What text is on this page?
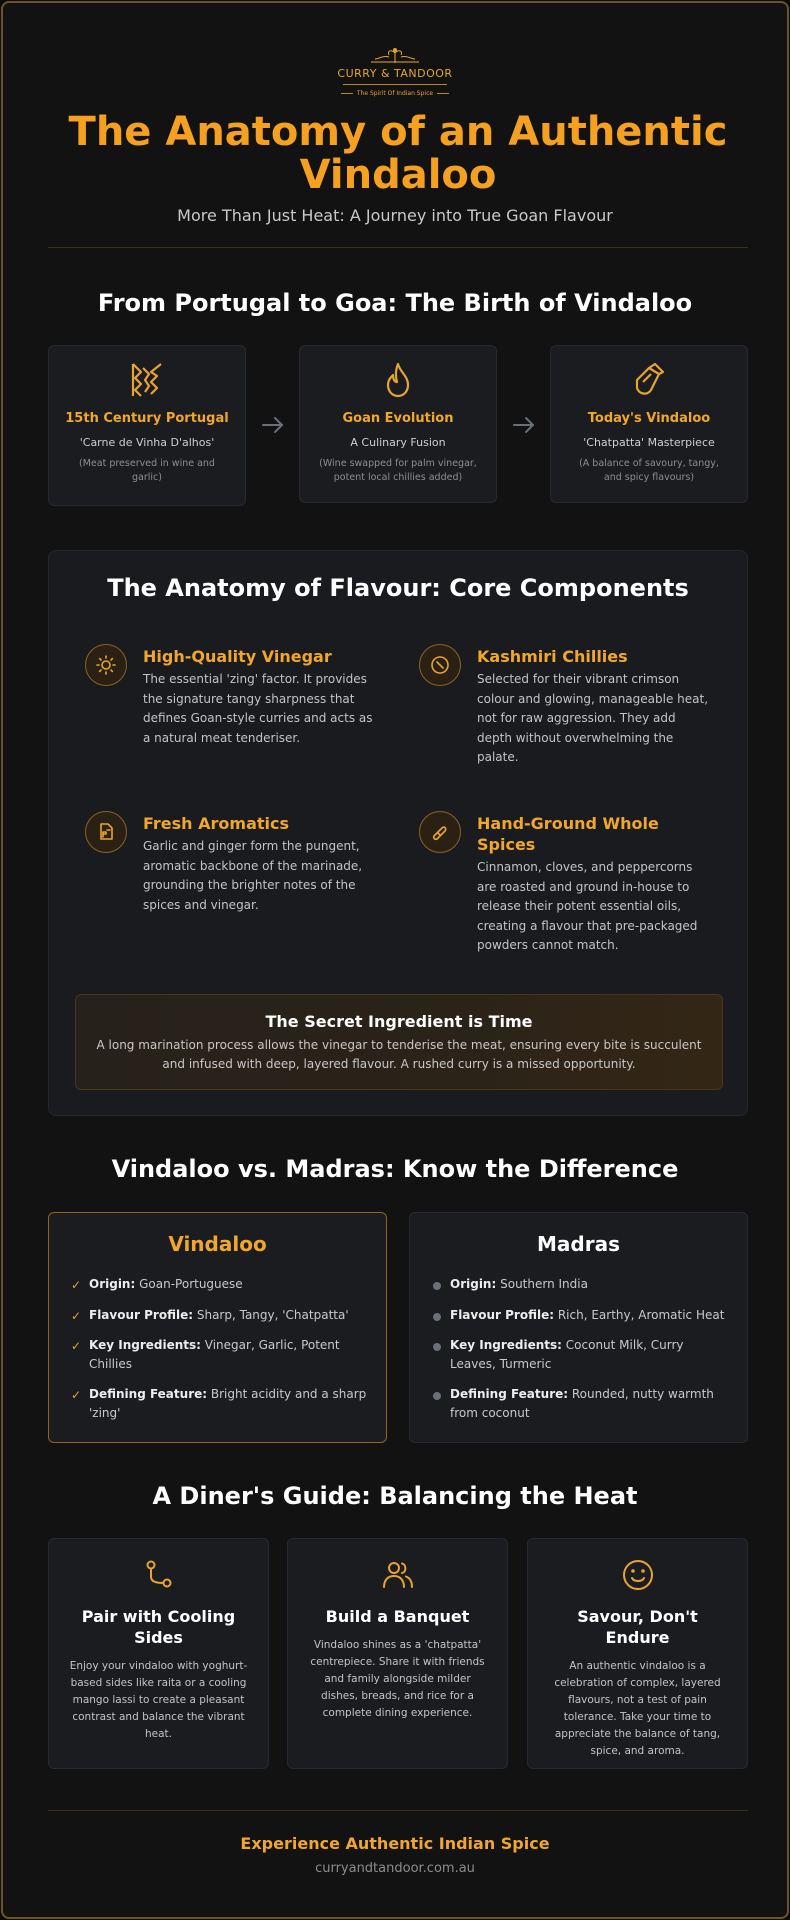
CURRY & TANDOOR
The Spirit Of Indian Spice
The Anatomy of an Authentic Vindaloo
More Than Just Heat: A Journey into True Goan Flavour
From Portugal to Goa: The Birth of Vindaloo
15th Century Portugal
'Carne de Vinha D'alhos'
(Meat preserved in wine and garlic)
Goan Evolution
A Culinary Fusion
(Wine swapped for palm vinegar, potent local chillies added)
Today's Vindaloo
'Chatpatta' Masterpiece
(A balance of savoury, tangy, and spicy flavours)
The Anatomy of Flavour: Core Components
High-Quality Vinegar
The essential 'zing' factor. It provides the signature tangy sharpness that defines Goan-style curries and acts as a natural meat tenderiser.
Kashmiri Chillies
Selected for their vibrant crimson colour and glowing, manageable heat, not for raw aggression. They add depth without overwhelming the palate.
Fresh Aromatics
Garlic and ginger form the pungent, aromatic backbone of the marinade, grounding the brighter notes of the spices and vinegar.
Hand-Ground Whole Spices
Cinnamon, cloves, and peppercorns are roasted and ground in-house to release their potent essential oils, creating a flavour that pre-packaged powders cannot match.
The Secret Ingredient is Time
A long marination process allows the vinegar to tenderise the meat, ensuring every bite is succulent and infused with deep, layered flavour. A rushed curry is a missed opportunity.
Vindaloo vs. Madras: Know the Difference
Vindaloo
✓ Origin: Goan-Portuguese
✓ Flavour Profile: Sharp, Tangy, 'Chatpatta'
✓ Key Ingredients: Vinegar, Garlic, Potent Chillies
✓ Defining Feature: Bright acidity and a sharp 'zing'
Madras
Origin: Southern India
Flavour Profile: Rich, Earthy, Aromatic Heat
Key Ingredients: Coconut Milk, Curry Leaves, Turmeric
Defining Feature: Rounded, nutty warmth from coconut
A Diner's Guide: Balancing the Heat
Pair with Cooling Sides
Enjoy your vindaloo with yoghurt-based sides like raita or a cooling mango lassi to create a pleasant contrast and balance the vibrant heat.
Build a Banquet
Vindaloo shines as a 'chatpatta' centrepiece. Share it with friends and family alongside milder dishes, breads, and rice for a complete dining experience.
Savour, Don't Endure
An authentic vindaloo is a celebration of complex, layered flavours, not a test of pain tolerance. Take your time to appreciate the balance of tang, spice, and aroma.
Experience Authentic Indian Spice
curryandtandoor.com.au
